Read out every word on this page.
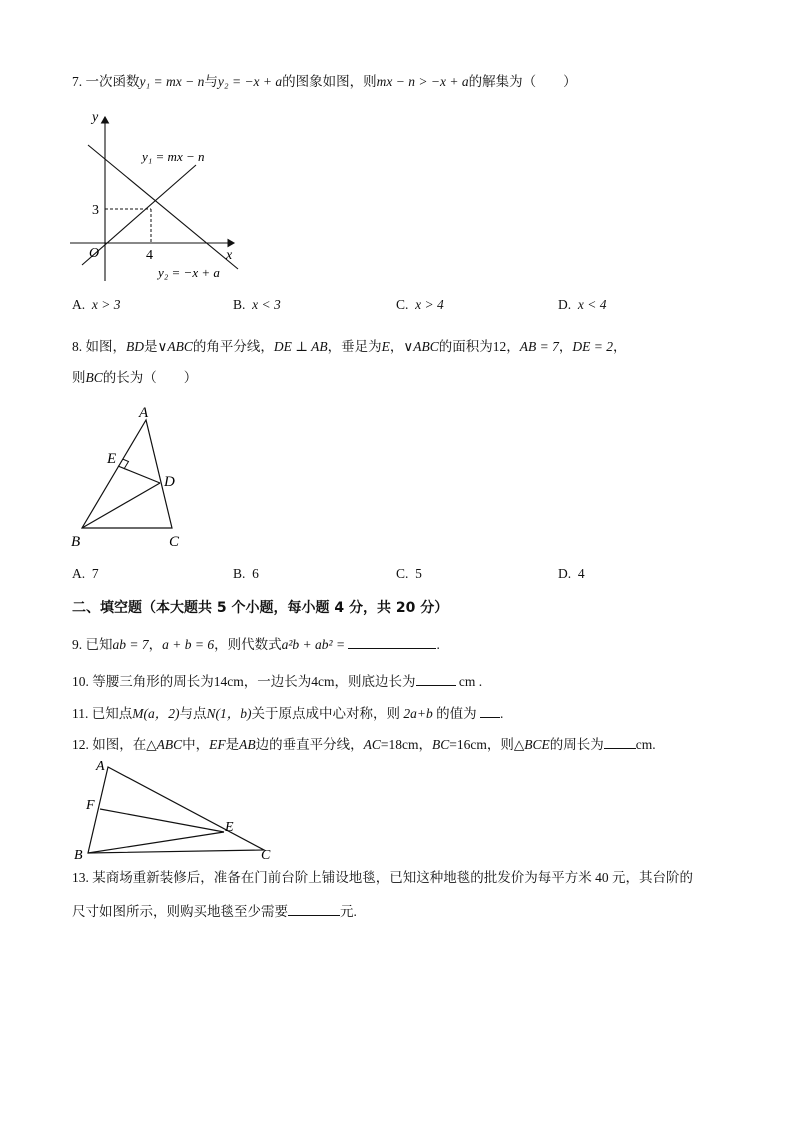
7. 一次函数y₁ = mx − n与y₂ = −x + a的图象如图，则mx − n > −x + a的解集为（　　）
y
x
O	4
3
y₁ = mx − n
y₂ = −x + a
A. x > 3	B. x < 3	C. x > 4	D. x < 4
8. 如图，BD是∨ABC的角平分线，DE ⊥ AB，垂足为E，∨ABC的面积为12，AB = 7，DE = 2，
则BC的长为（　　）
A
E
D
B	C
A. 7	B. 6	C. 5	D. 4
二、填空题（本大题共 5 个小题，每小题 4 分，共 20 分）
9. 已知ab = 7，a + b = 6，则代数式a²b + ab² =	.
10. 等腰三角形的周长为14cm，一边长为4cm，则底边长为	cm .
11. 已知点M(a，2)与点N(1，b)关于原点成中心对称，则 2a+b 的值为 .
12. 如图，在△ABC中，EF是AB边的垂直平分线，AC=18cm，BC=16cm，则△BCE的周长为 cm.
A
F
E
B	C
13. 某商场重新装修后，准备在门前台阶上铺设地毯，已知这种地毯的批发价为每平方米 40 元，其台阶的
尺寸如图所示，则购买地毯至少需要	元.
